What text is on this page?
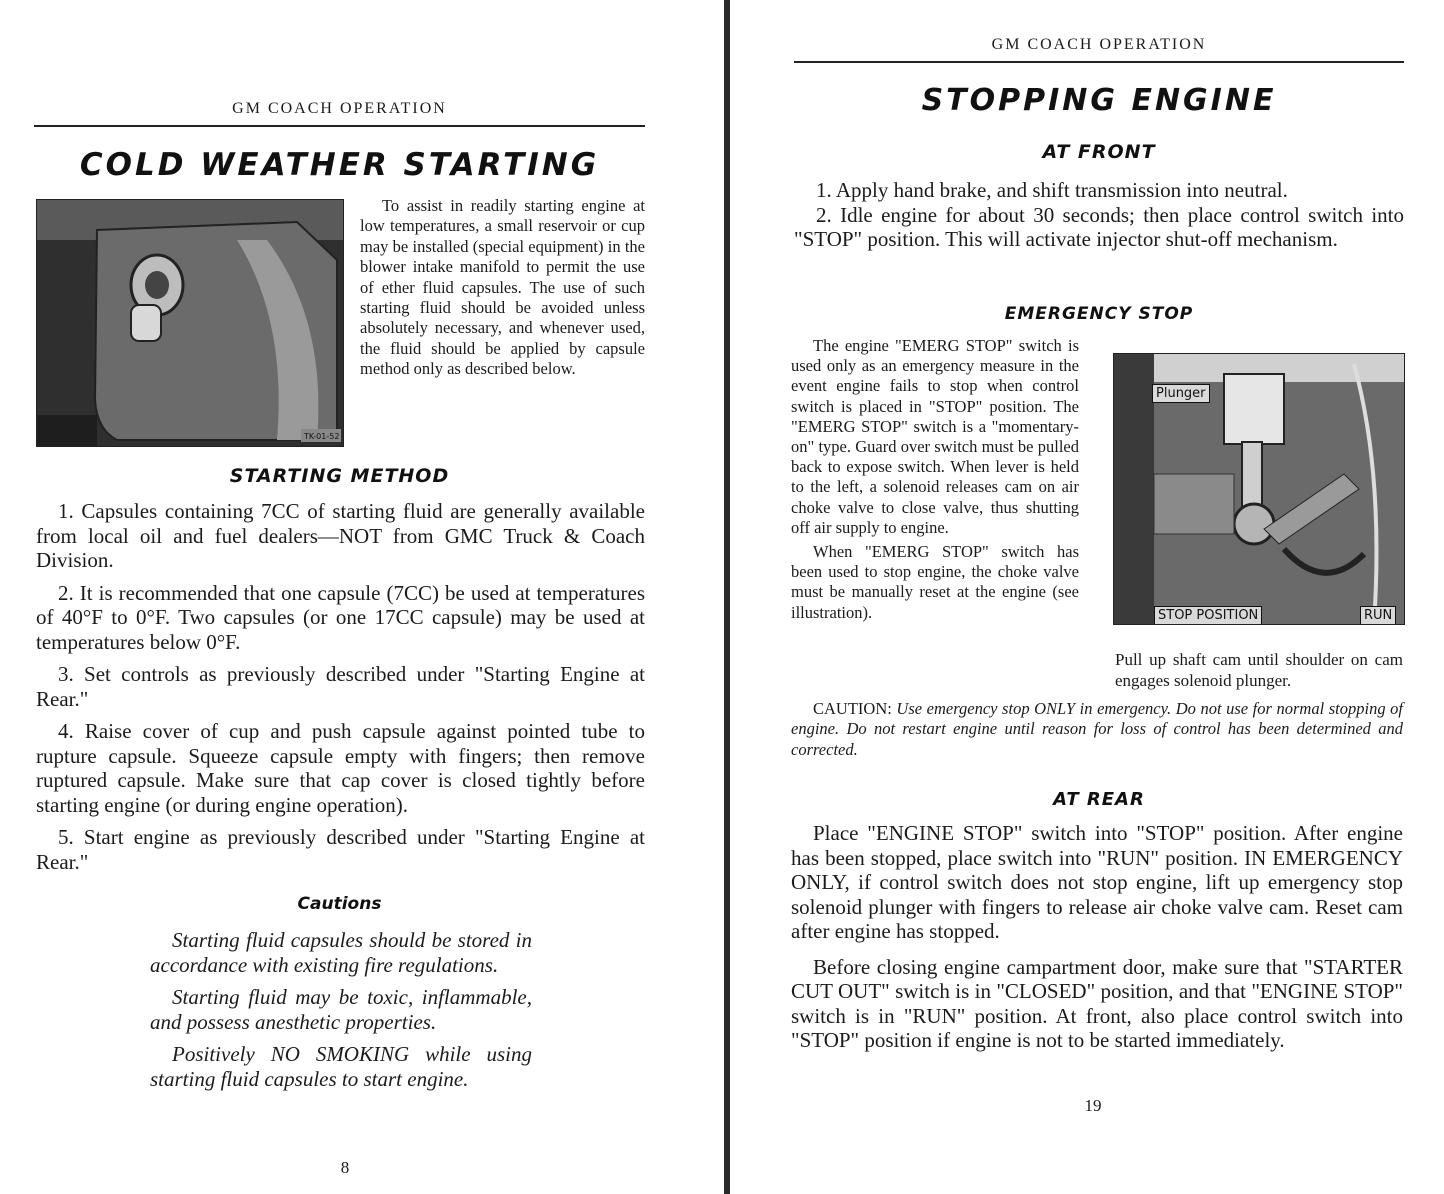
GM COACH OPERATION
COLD WEATHER STARTING
TK-01-52

To assist in readily starting engine at low temperatures, a small reservoir or cup may be installed (special equipment) in the blower intake manifold to permit the use of ether fluid capsules. The use of such starting fluid should be avoided unless absolutely necessary, and whenever used, the fluid should be applied by capsule method only as described below.

STARTING METHOD

1. Capsules containing 7CC of starting fluid are generally available from local oil and fuel dealers—NOT from GMC Truck & Coach Division.

2. It is recommended that one capsule (7CC) be used at temperatures of 40°F to 0°F. Two capsules (or one 17CC capsule) may be used at temperatures below 0°F.

3. Set controls as previously described under "Starting Engine at Rear."

4. Raise cover of cup and push capsule against pointed tube to rupture capsule. Squeeze capsule empty with fingers; then remove ruptured capsule. Make sure that cap cover is closed tightly before starting engine (or during engine operation).

5. Start engine as previously described under "Starting Engine at Rear."

Cautions

Starting fluid capsules should be stored in accordance with existing fire regulations.

Starting fluid may be toxic, inflammable, and possess anesthetic properties.

Positively NO SMOKING while using starting fluid capsules to start engine.

8
GM COACH OPERATION
STOPPING ENGINE
AT FRONT

1. Apply hand brake, and shift transmission into neutral.

2. Idle engine for about 30 seconds; then place control switch into "STOP" position. This will activate injector shut-off mechanism.

EMERGENCY STOP

The engine "EMERG STOP" switch is used only as an emergency measure in the event engine fails to stop when control switch is placed in "STOP" position. The "EMERG STOP" switch is a "momentary-on" type. Guard over switch must be pulled back to expose switch. When lever is held to the left, a solenoid releases cam on air choke valve to close valve, thus shutting off air supply to engine.

When "EMERG STOP" switch has been used to stop engine, the choke valve must be manually reset at the engine (see illustration).

Plunger
STOP POSITION	RUN
Pull up shaft cam until shoulder on cam engages solenoid plunger.

CAUTION: Use emergency stop ONLY in emergency. Do not use for normal stopping of engine. Do not restart engine until reason for loss of control has been determined and corrected.

AT REAR

Place "ENGINE STOP" switch into "STOP" position. After engine has been stopped, place switch into "RUN" position. IN EMERGENCY ONLY, if control switch does not stop engine, lift up emergency stop solenoid plunger with fingers to release air choke valve cam. Reset cam after engine has stopped.

Before closing engine campartment door, make sure that "STARTER CUT OUT" switch is in "CLOSED" position, and that "ENGINE STOP" switch is in "RUN" position. At front, also place control switch into "STOP" position if engine is not to be started immediately.

19
